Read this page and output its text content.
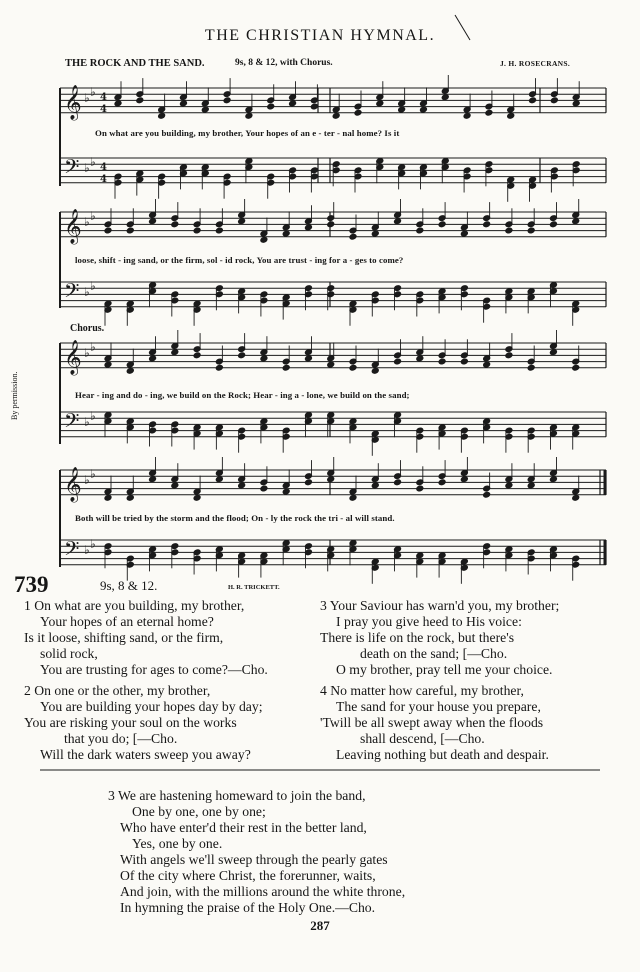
THE CHRISTIAN HYMNAL.
THE ROCK AND THE SAND.	9s, 8 & 12, with Chorus.	J. H. ROSECRANS.
𝄞 ♭ ♭ 4
4
𝄢 ♭ ♭ 4
4
𝄞 ♭ ♭
𝄢 ♭ ♭
𝄞 ♭ ♭
𝄢 ♭ ♭
𝄞 ♭ ♭
𝄢 ♭ ♭
On what are you building, my brother, Your hopes of an e - ter - nal home? Is it
loose, shift - ing sand, or the firm, sol - id rock, You are trust - ing for a - ges to come?
Chorus.
Hear - ing and do - ing, we build on the Rock; Hear - ing a - lone, we build on the sand;
Both will be tried by the storm and the flood; On - ly the rock the tri - al will stand.
By permission.
739	9s, 8 & 12.	H. R. TRICKETT.
1 On what are you building, my brother,
Your hopes of an eternal home?
Is it loose, shifting sand, or the firm,
solid rock,
You are trusting for ages to come?—Cho.
2 On one or the other, my brother,
You are building your hopes day by day;
You are risking your soul on the works
that you do; [—Cho.
Will the dark waters sweep you away?
3 Your Saviour has warn'd you, my brother;
I pray you give heed to His voice:
There is life on the rock, but there's
death on the sand; [—Cho.
O my brother, pray tell me your choice.
4 No matter how careful, my brother,
The sand for your house you prepare,
'Twill be all swept away when the floods
shall descend, [—Cho.
Leaving nothing but death and despair.
3 We are hastening homeward to join the band,
One by one, one by one;
Who have enter'd their rest in the better land,
Yes, one by one.
With angels we'll sweep through the pearly gates
Of the city where Christ, the forerunner, waits,
And join, with the millions around the white throne,
In hymning the praise of the Holy One.—Cho.
287
